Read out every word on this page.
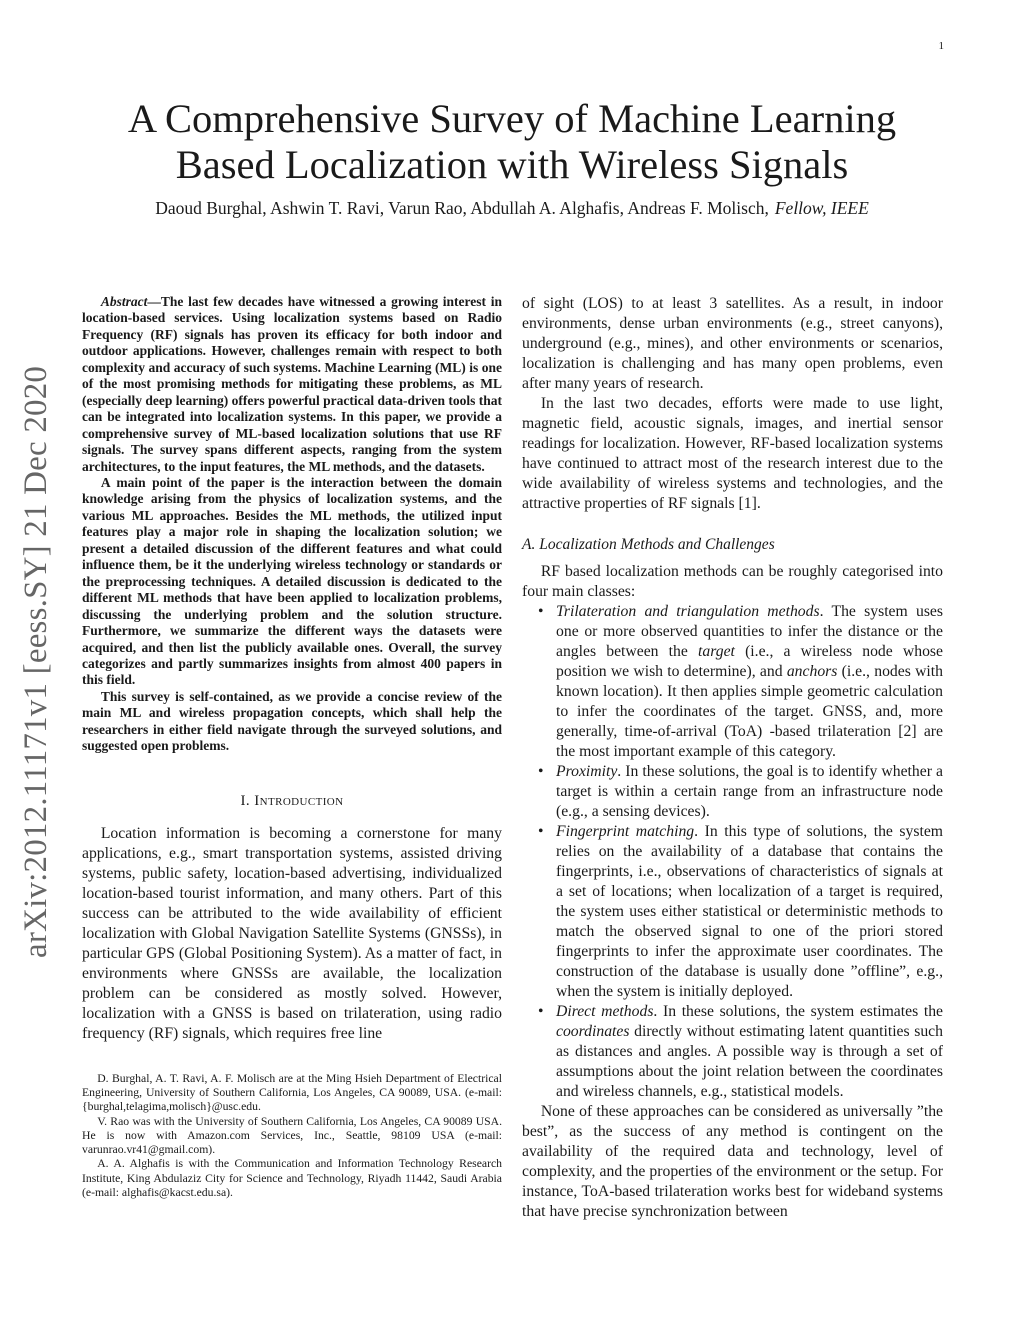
1
arXiv:2012.11171v1 [eess.SY] 21 Dec 2020
A Comprehensive Survey of Machine Learning
Based Localization with Wireless Signals
Daoud Burghal, Ashwin T. Ravi, Varun Rao, Abdullah A. Alghafis, Andreas F. Molisch, Fellow, IEEE

Abstract—The last few decades have witnessed a growing interest in location-based services. Using localization systems based on Radio Frequency (RF) signals has proven its efficacy for both indoor and outdoor applications. However, challenges remain with respect to both complexity and accuracy of such systems. Machine Learning (ML) is one of the most promising methods for mitigating these problems, as ML (especially deep learning) offers powerful practical data-driven tools that can be integrated into localization systems. In this paper, we provide a comprehensive survey of ML-based localization solutions that use RF signals. The survey spans different aspects, ranging from the system architectures, to the input features, the ML methods, and the datasets.

A main point of the paper is the interaction between the domain knowledge arising from the physics of localization systems, and the various ML approaches. Besides the ML methods, the utilized input features play a major role in shaping the localization solution; we present a detailed discussion of the different features and what could influence them, be it the underlying wireless technology or standards or the preprocessing techniques. A detailed discussion is dedicated to the different ML methods that have been applied to localization problems, discussing the underlying problem and the solution structure. Furthermore, we summarize the different ways the datasets were acquired, and then list the publicly available ones. Overall, the survey categorizes and partly summarizes insights from almost 400 papers in this field.

This survey is self-contained, as we provide a concise review of the main ML and wireless propagation concepts, which shall help the researchers in either field navigate through the surveyed solutions, and suggested open problems.

I. Introduction

Location information is becoming a cornerstone for many applications, e.g., smart transportation systems, assisted driving systems, public safety, location-based advertising, individualized location-based tourist information, and many others. Part of this success can be attributed to the wide availability of efficient localization with Global Navigation Satellite Systems (GNSSs), in particular GPS (Global Positioning System). As a matter of fact, in environments where GNSSs are available, the localization problem can be considered as mostly solved. However, localization with a GNSS is based on trilateration, using radio frequency (RF) signals, which requires free line

D. Burghal, A. T. Ravi, A. F. Molisch are at the Ming Hsieh Department of Electrical Engineering, University of Southern California, Los Angeles, CA 90089, USA. (e-mail:{burghal,telagima,molisch}@usc.edu.

V. Rao was with the University of Southern California, Los Angeles, CA 90089 USA. He is now with Amazon.com Services, Inc., Seattle, 98109 USA (e-mail: varunrao.vr41@gmail.com).

A. A. Alghafis is with the Communication and Information Technology Research Institute, King Abdulaziz City for Science and Technology, Riyadh 11442, Saudi Arabia (e-mail: alghafis@kacst.edu.sa).

of sight (LOS) to at least 3 satellites. As a result, in indoor environments, dense urban environments (e.g., street canyons), underground (e.g., mines), and other environments or scenarios, localization is challenging and has many open problems, even after many years of research.

In the last two decades, efforts were made to use light, magnetic field, acoustic signals, images, and inertial sensor readings for localization. However, RF-based localization systems have continued to attract most of the research interest due to the wide availability of wireless systems and technologies, and the attractive properties of RF signals [1].

A. Localization Methods and Challenges

RF based localization methods can be roughly categorised into four main classes:

• Trilateration and triangulation methods. The system uses one or more observed quantities to infer the distance or the angles between the target (i.e., a wireless node whose position we wish to determine), and anchors (i.e., nodes with known location). It then applies simple geometric calculation to infer the coordinates of the target. GNSS, and, more generally, time-of-arrival (ToA) -based trilateration [2] are the most important example of this category.
• Proximity. In these solutions, the goal is to identify whether a target is within a certain range from an infrastructure node (e.g., a sensing devices).
• Fingerprint matching. In this type of solutions, the system relies on the availability of a database that contains the fingerprints, i.e., observations of characteristics of signals at a set of locations; when localization of a target is required, the system uses either statistical or deterministic methods to match the observed signal to one of the priori stored fingerprints to infer the approximate user coordinates. The construction of the database is usually done ”offline”, e.g., when the system is initially deployed.
• Direct methods. In these solutions, the system estimates the coordinates directly without estimating latent quantities such as distances and angles. A possible way is through a set of assumptions about the joint relation between the coordinates and wireless channels, e.g., statistical models.

None of these approaches can be considered as universally ”the best”, as the success of any method is contingent on the availability of the required data and technology, level of complexity, and the properties of the environment or the setup. For instance, ToA-based trilateration works best for wideband systems that have precise synchronization between
